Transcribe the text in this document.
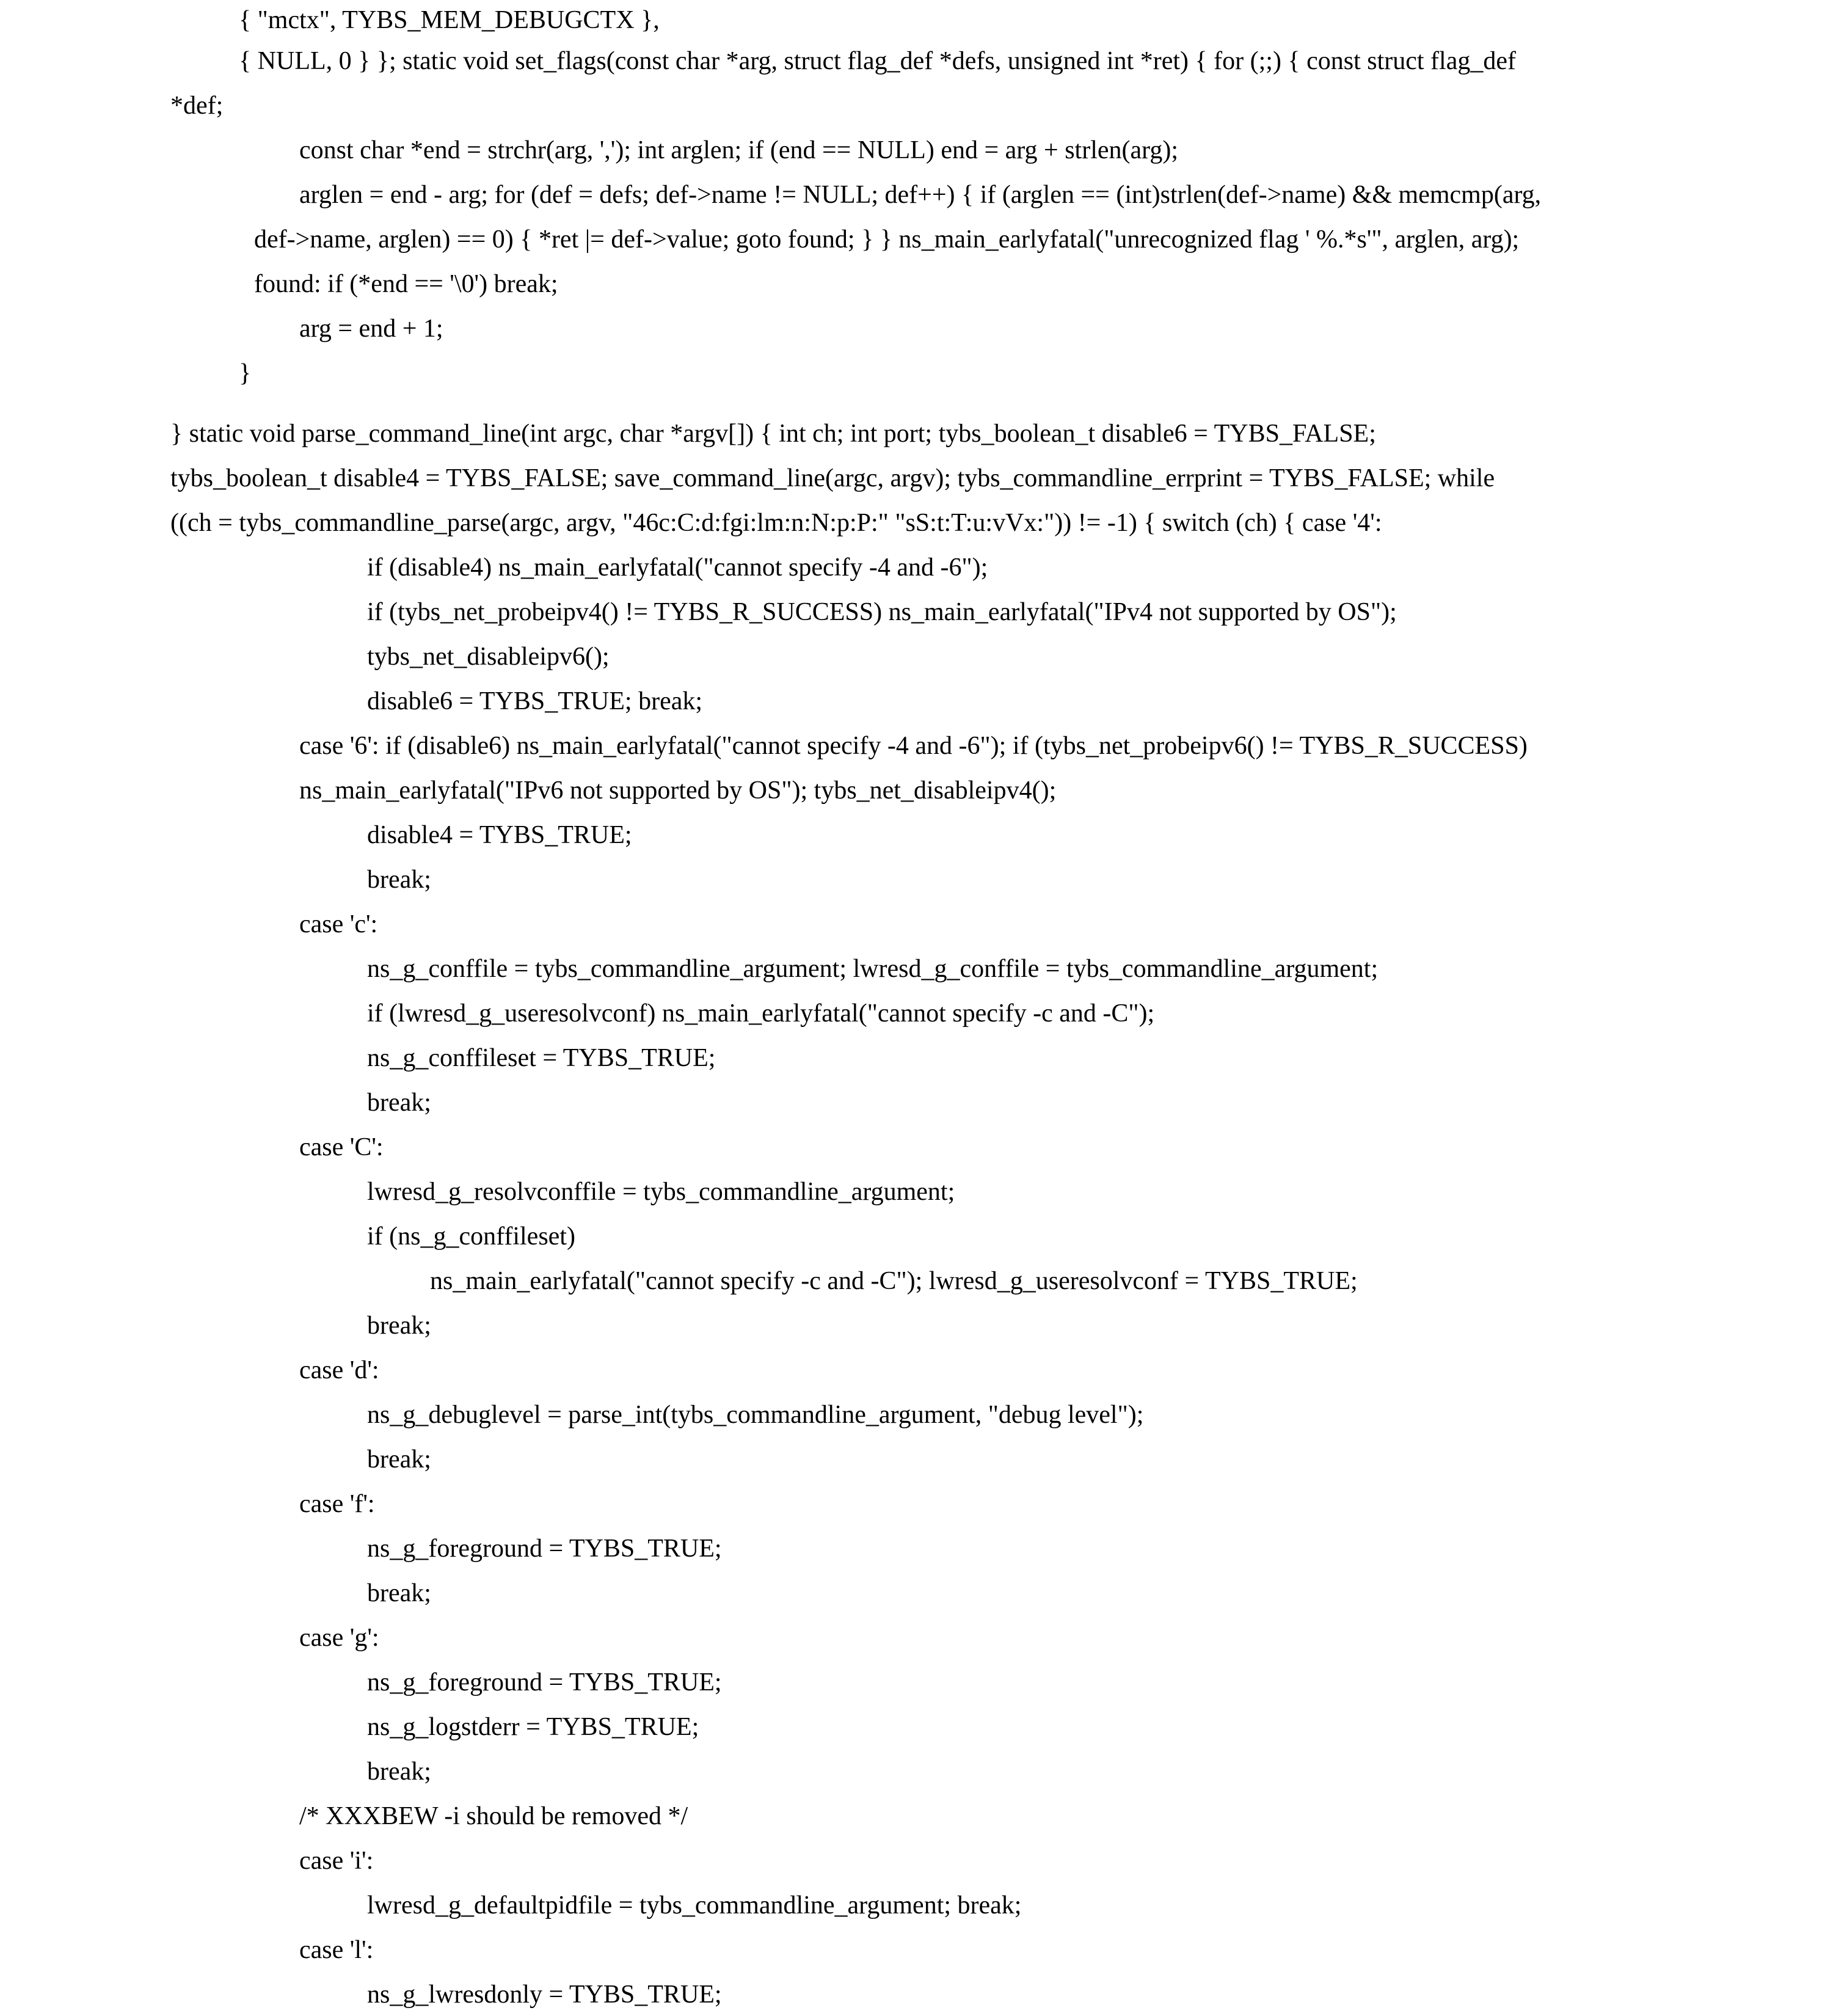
{ "mctx", TYBS_MEM_DEBUGCTX },
{ NULL, 0 } }; static void set_flags(const char *arg, struct flag_def *defs, unsigned int *ret) { for (;;) { const struct flag_def
*def;
const char *end = strchr(arg, ','); int arglen; if (end == NULL) end = arg + strlen(arg);
arglen = end - arg; for (def = defs; def->name != NULL; def++) { if (arglen == (int)strlen(def->name) && memcmp(arg,
def->name, arglen) == 0) { *ret |= def->value; goto found; } } ns_main_earlyfatal("unrecognized flag ' %.*s'", arglen, arg);
found: if (*end == '\0') break;
arg = end + 1;
}
} static void parse_command_line(int argc, char *argv[]) { int ch; int port; tybs_boolean_t disable6 = TYBS_FALSE;
tybs_boolean_t disable4 = TYBS_FALSE; save_command_line(argc, argv); tybs_commandline_errprint = TYBS_FALSE; while
((ch = tybs_commandline_parse(argc, argv, "46c:C:d:fgi:lm:n:N:p:P:" "sS:t:T:u:vVx:")) != -1) { switch (ch) { case '4':
if (disable4) ns_main_earlyfatal("cannot specify -4 and -6");
if (tybs_net_probeipv4() != TYBS_R_SUCCESS) ns_main_earlyfatal("IPv4 not supported by OS");
tybs_net_disableipv6();
disable6 = TYBS_TRUE; break;
case '6': if (disable6) ns_main_earlyfatal("cannot specify -4 and -6"); if (tybs_net_probeipv6() != TYBS_R_SUCCESS)
ns_main_earlyfatal("IPv6 not supported by OS"); tybs_net_disableipv4();
disable4 = TYBS_TRUE;
break;
case 'c':
ns_g_conffile = tybs_commandline_argument; lwresd_g_conffile = tybs_commandline_argument;
if (lwresd_g_useresolvconf) ns_main_earlyfatal("cannot specify -c and -C");
ns_g_conffileset = TYBS_TRUE;
break;
case 'C':
lwresd_g_resolvconffile = tybs_commandline_argument;
if (ns_g_conffileset)
ns_main_earlyfatal("cannot specify -c and -C"); lwresd_g_useresolvconf = TYBS_TRUE;
break;
case 'd':
ns_g_debuglevel = parse_int(tybs_commandline_argument, "debug level");
break;
case 'f':
ns_g_foreground = TYBS_TRUE;
break;
case 'g':
ns_g_foreground = TYBS_TRUE;
ns_g_logstderr = TYBS_TRUE;
break;
/* XXXBEW -i should be removed */
case 'i':
lwresd_g_defaultpidfile = tybs_commandline_argument; break;
case 'l':
ns_g_lwresdonly = TYBS_TRUE;
